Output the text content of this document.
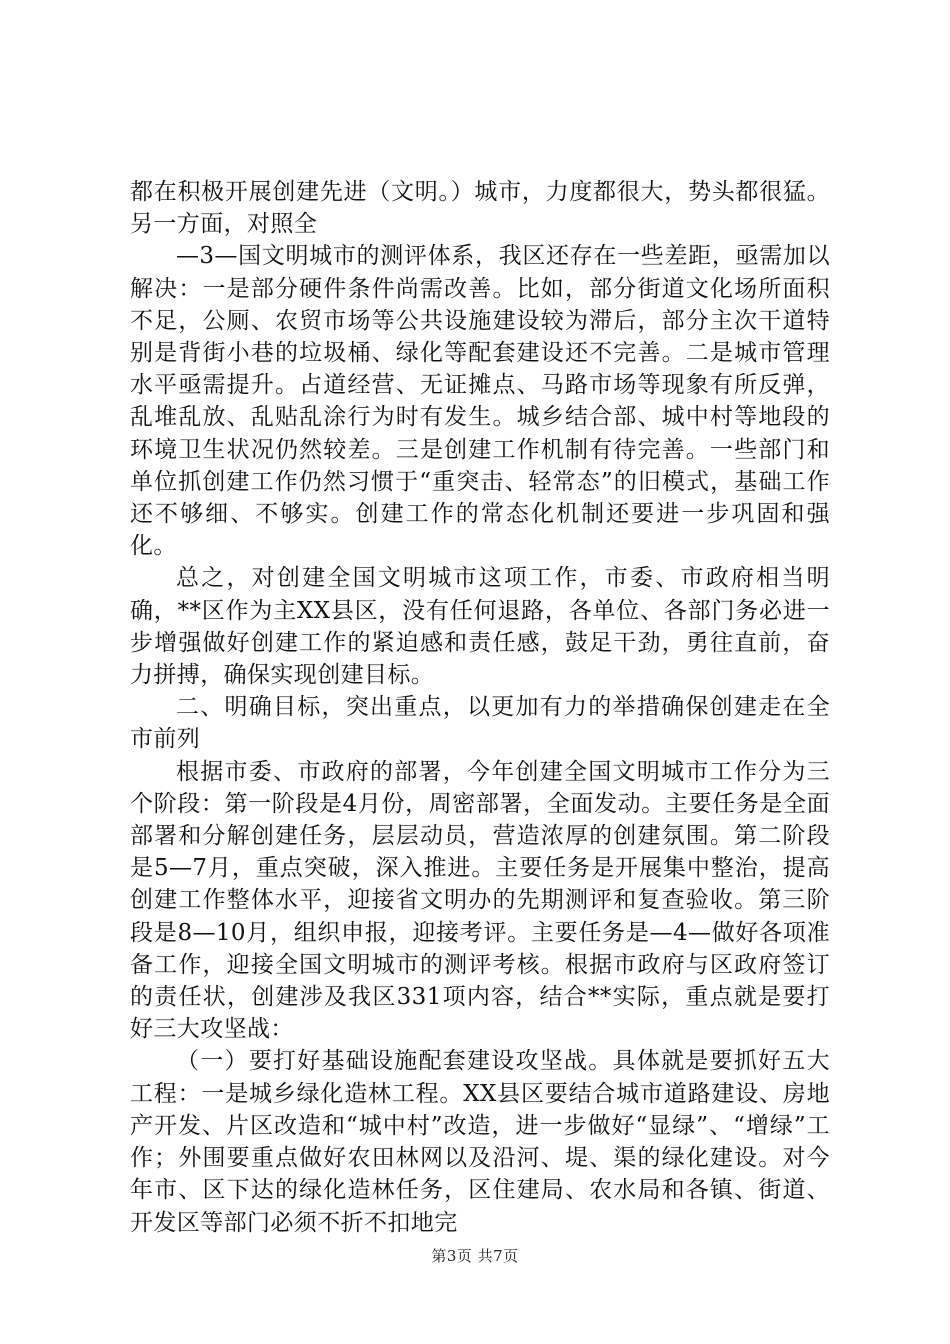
都在积极开展创建先进（文明。）城市，力度都很大，势头都很猛。另一方面，对照全

—3—国文明城市的测评体系，我区还存在一些差距，亟需加以解决：一是部分硬件条件尚需改善。比如，部分街道文化场所面积不足，公厕、农贸市场等公共设施建设较为滞后，部分主次干道特别是背街小巷的垃圾桶、绿化等配套建设还不完善。二是城市管理水平亟需提升。占道经营、无证摊点、马路市场等现象有所反弹，乱堆乱放、乱贴乱涂行为时有发生。城乡结合部、城中村等地段的环境卫生状况仍然较差。三是创建工作机制有待完善。一些部门和单位抓创建工作仍然习惯于“重突击、轻常态”的旧模式，基础工作还不够细、不够实。创建工作的常态化机制还要进一步巩固和强化。

总之，对创建全国文明城市这项工作，市委、市政府相当明确，**区作为主XX县区，没有任何退路，各单位、各部门务必进一步增强做好创建工作的紧迫感和责任感，鼓足干劲，勇往直前，奋力拼搏，确保实现创建目标。

二、明确目标，突出重点，以更加有力的举措确保创建走在全市前列

根据市委、市政府的部署，今年创建全国文明城市工作分为三个阶段：第一阶段是4月份，周密部署，全面发动。主要任务是全面部署和分解创建任务，层层动员，营造浓厚的创建氛围。第二阶段是5—7月，重点突破，深入推进。主要任务是开展集中整治，提高创建工作整体水平，迎接省文明办的先期测评和复查验收。第三阶段是8—10月，组织申报，迎接考评。主要任务是—4—做好各项准备工作，迎接全国文明城市的测评考核。根据市政府与区政府签订的责任状，创建涉及我区331项内容，结合**实际，重点就是要打好三大攻坚战：

（一）要打好基础设施配套建设攻坚战。具体就是要抓好五大工程：一是城乡绿化造林工程。XX县区要结合城市道路建设、房地产开发、片区改造和“城中村”改造，进一步做好“显绿”、“增绿”工作；外围要重点做好农田林网以及沿河、堤、渠的绿化建设。对今年市、区下达的绿化造林任务，区住建局、农水局和各镇、街道、开发区等部门必须不折不扣地完

第3页 共7页
